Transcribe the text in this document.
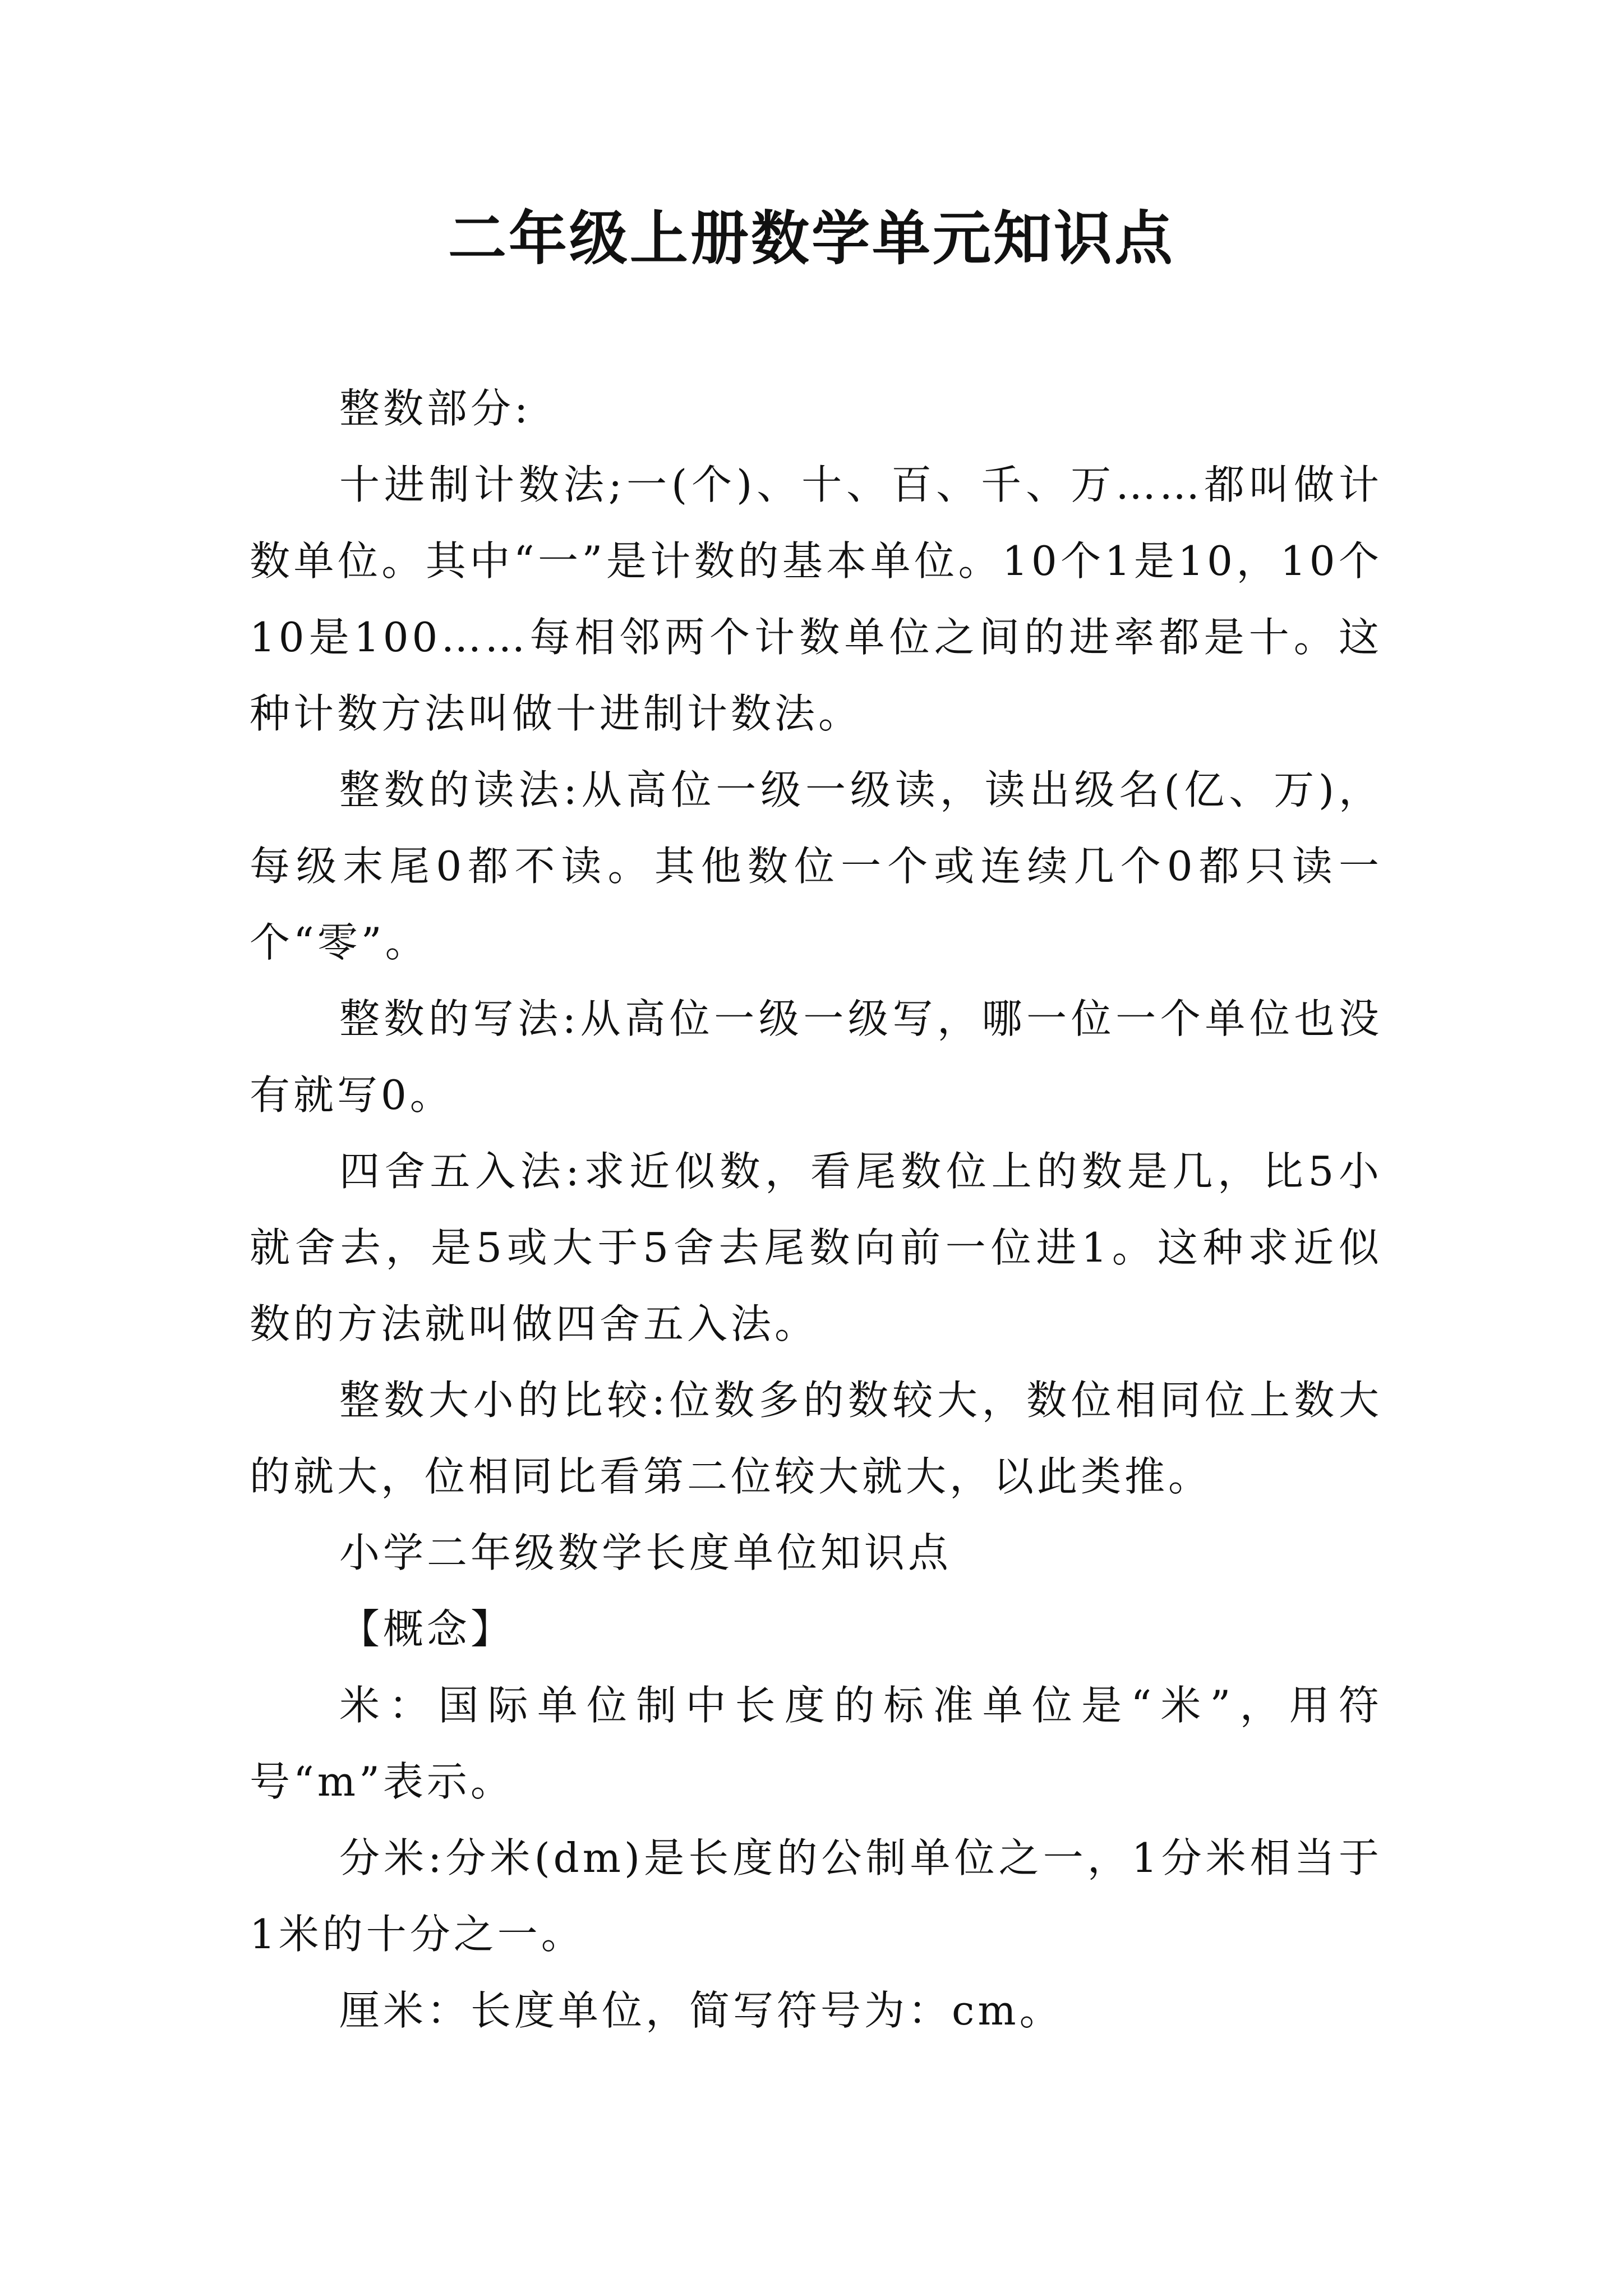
二年级上册数学单元知识点

整数部分:

十进制计数法;一(个)、十、百、千、万……都叫做计数单位。其中“一”是计数的基本单位。10个1是10，10个10是100……每相邻两个计数单位之间的进率都是十。这种计数方法叫做十进制计数法。

整数的读法:从高位一级一级读，读出级名(亿、万)，每级末尾0都不读。其他数位一个或连续几个0都只读一个“零”。

整数的写法:从高位一级一级写，哪一位一个单位也没有就写0。

四舍五入法:求近似数，看尾数位上的数是几，比5小就舍去，是5或大于5舍去尾数向前一位进1。这种求近似数的方法就叫做四舍五入法。

整数大小的比较:位数多的数较大，数位相同位上数大的就大，位相同比看第二位较大就大，以此类推。

小学二年级数学长度单位知识点

【概念】

米：国际单位制中长度的标准单位是“米”，用符号“m”表示。

分米:分米(dm)是长度的公制单位之一，1分米相当于1米的十分之一。

厘米：长度单位，简写符号为：cm。
